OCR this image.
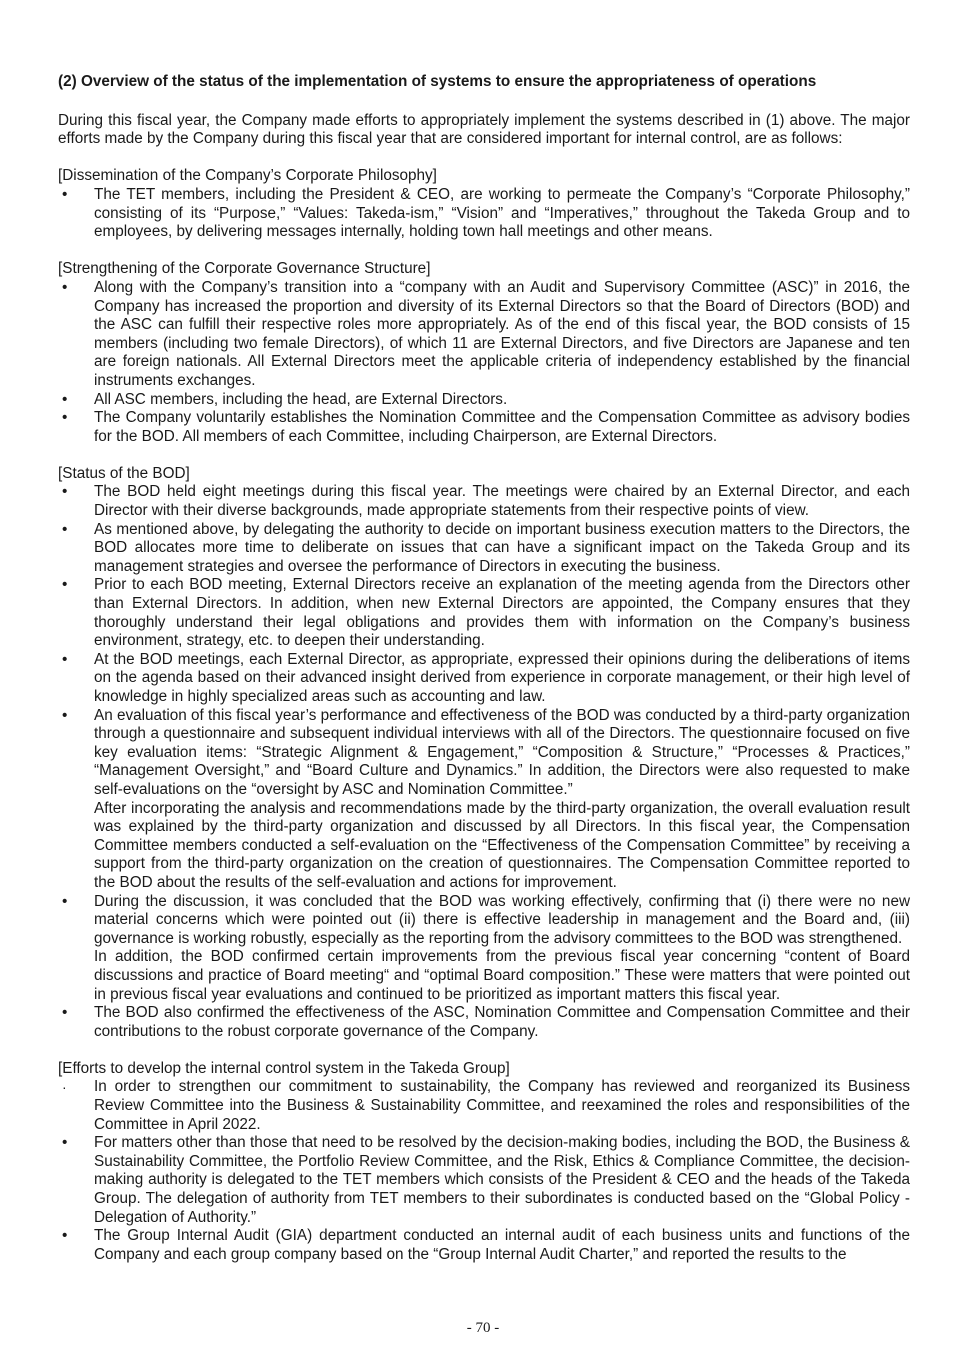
(2) Overview of the status of the implementation of systems to ensure the appropriateness of operations

During this fiscal year, the Company made efforts to appropriately implement the systems described in (1) above. The major efforts made by the Company during this fiscal year that are considered important for internal control, are as follows:

[Dissemination of the Company’s Corporate Philosophy]

•	The TET members, including the President & CEO, are working to permeate the Company’s “Corporate Philosophy,” consisting of its “Purpose,” “Values: Takeda-ism,” “Vision” and “Imperatives,” throughout the Takeda Group and to employees, by delivering messages internally, holding town hall meetings and other means.

[Strengthening of the Corporate Governance Structure]

•	Along with the Company’s transition into a “company with an Audit and Supervisory Committee (ASC)” in 2016, the Company has increased the proportion and diversity of its External Directors so that the Board of Directors (BOD) and the ASC can fulfill their respective roles more appropriately. As of the end of this fiscal year, the BOD consists of 15 members (including two female Directors), of which 11 are External Directors, and five Directors are Japanese and ten are foreign nationals. All External Directors meet the applicable criteria of independency established by the financial instruments exchanges.

•	All ASC members, including the head, are External Directors.

•	The Company voluntarily establishes the Nomination Committee and the Compensation Committee as advisory bodies for the BOD. All members of each Committee, including Chairperson, are External Directors.

[Status of the BOD]

•	The BOD held eight meetings during this fiscal year. The meetings were chaired by an External Director, and each Director with their diverse backgrounds, made appropriate statements from their respective points of view.

•	As mentioned above, by delegating the authority to decide on important business execution matters to the Directors, the BOD allocates more time to deliberate on issues that can have a significant impact on the Takeda Group and its management strategies and oversee the performance of Directors in executing the business.

•	Prior to each BOD meeting, External Directors receive an explanation of the meeting agenda from the Directors other than External Directors. In addition, when new External Directors are appointed, the Company ensures that they thoroughly understand their legal obligations and provides them with information on the Company’s business environment, strategy, etc. to deepen their understanding.

•	At the BOD meetings, each External Director, as appropriate, expressed their opinions during the deliberations of items on the agenda based on their advanced insight derived from experience in corporate management, or their high level of knowledge in highly specialized areas such as accounting and law.

•	An evaluation of this fiscal year’s performance and effectiveness of the BOD was conducted by a third-party organization through a questionnaire and subsequent individual interviews with all of the Directors. The questionnaire focused on five key evaluation items: “Strategic Alignment & Engagement,” “Composition & Structure,” “Processes & Practices,” “Management Oversight,” and “Board Culture and Dynamics.” In addition, the Directors were also requested to make self-evaluations on the “oversight by ASC and Nomination Committee.”

After incorporating the analysis and recommendations made by the third-party organization, the overall evaluation result was explained by the third-party organization and discussed by all Directors. In this fiscal year, the Compensation Committee members conducted a self-evaluation on the “Effectiveness of the Compensation Committee” by receiving a support from the third-party organization on the creation of questionnaires. The Compensation Committee reported to the BOD about the results of the self-evaluation and actions for improvement.

•	During the discussion, it was concluded that the BOD was working effectively, confirming that (i) there were no new material concerns which were pointed out (ii) there is effective leadership in management and the Board and, (iii) governance is working robustly, especially as the reporting from the advisory committees to the BOD was strengthened.

In addition, the BOD confirmed certain improvements from the previous fiscal year concerning “content of Board discussions and practice of Board meeting“ and “optimal Board composition.” These were matters that were pointed out in previous fiscal year evaluations and continued to be prioritized as important matters this fiscal year.

•	The BOD also confirmed the effectiveness of the ASC, Nomination Committee and Compensation Committee and their contributions to the robust corporate governance of the Company.

[Efforts to develop the internal control system in the Takeda Group]

·	In order to strengthen our commitment to sustainability, the Company has reviewed and reorganized its Business Review Committee into the Business & Sustainability Committee, and reexamined the roles and responsibilities of the Committee in April 2022.

•	For matters other than those that need to be resolved by the decision-making bodies, including the BOD, the Business & Sustainability Committee, the Portfolio Review Committee, and the Risk, Ethics & Compliance Committee, the decision-making authority is delegated to the TET members which consists of the President & CEO and the heads of the Takeda Group. The delegation of authority from TET members to their subordinates is conducted based on the “Global Policy - Delegation of Authority.”

•	The Group Internal Audit (GIA) department conducted an internal audit of each business units and functions of the Company and each group company based on the “Group Internal Audit Charter,” and reported the results to the

- 70 -
